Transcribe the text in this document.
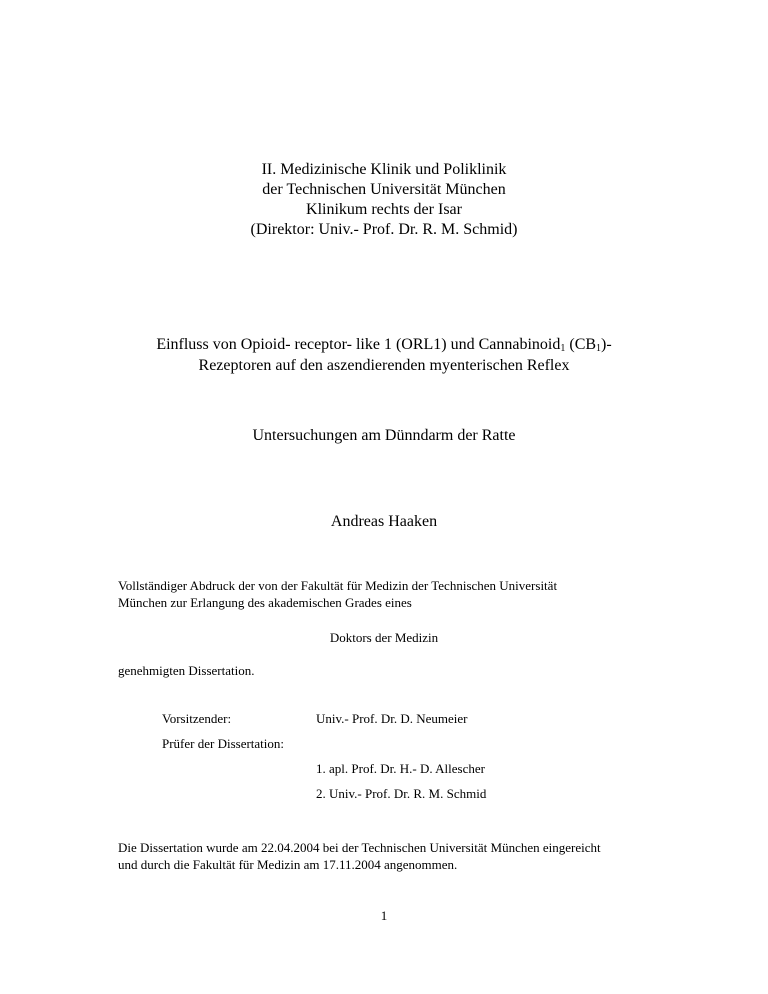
II. Medizinische Klinik und Poliklinik
der Technischen Universität München
Klinikum rechts der Isar
(Direktor: Univ.- Prof. Dr. R. M. Schmid)
Einfluss von Opioid- receptor- like 1 (ORL1) und Cannabinoid$_1$ $(CB_1)-$
Rezeptoren auf den aszendierenden myenterischen Reflex
Untersuchungen am Dünndarm der Ratte
Andreas Haaken
Vollständiger Abdruck der von der Fakultät für Medizin der Technischen Universität
München zur Erlangung des akademischen Grades eines
Doktors der Medizin
genehmigten Dissertation.
Vorsitzender:	Univ.- Prof. Dr. D. Neumeier
Prüfer der Dissertation:
1. apl. Prof. Dr. H.- D. Allescher
2. Univ.- Prof. Dr. R. M. Schmid
Die Dissertation wurde am 22.04.2004 bei der Technischen Universität München eingereicht
und durch die Fakultät für Medizin am 17.11.2004 angenommen.
1
